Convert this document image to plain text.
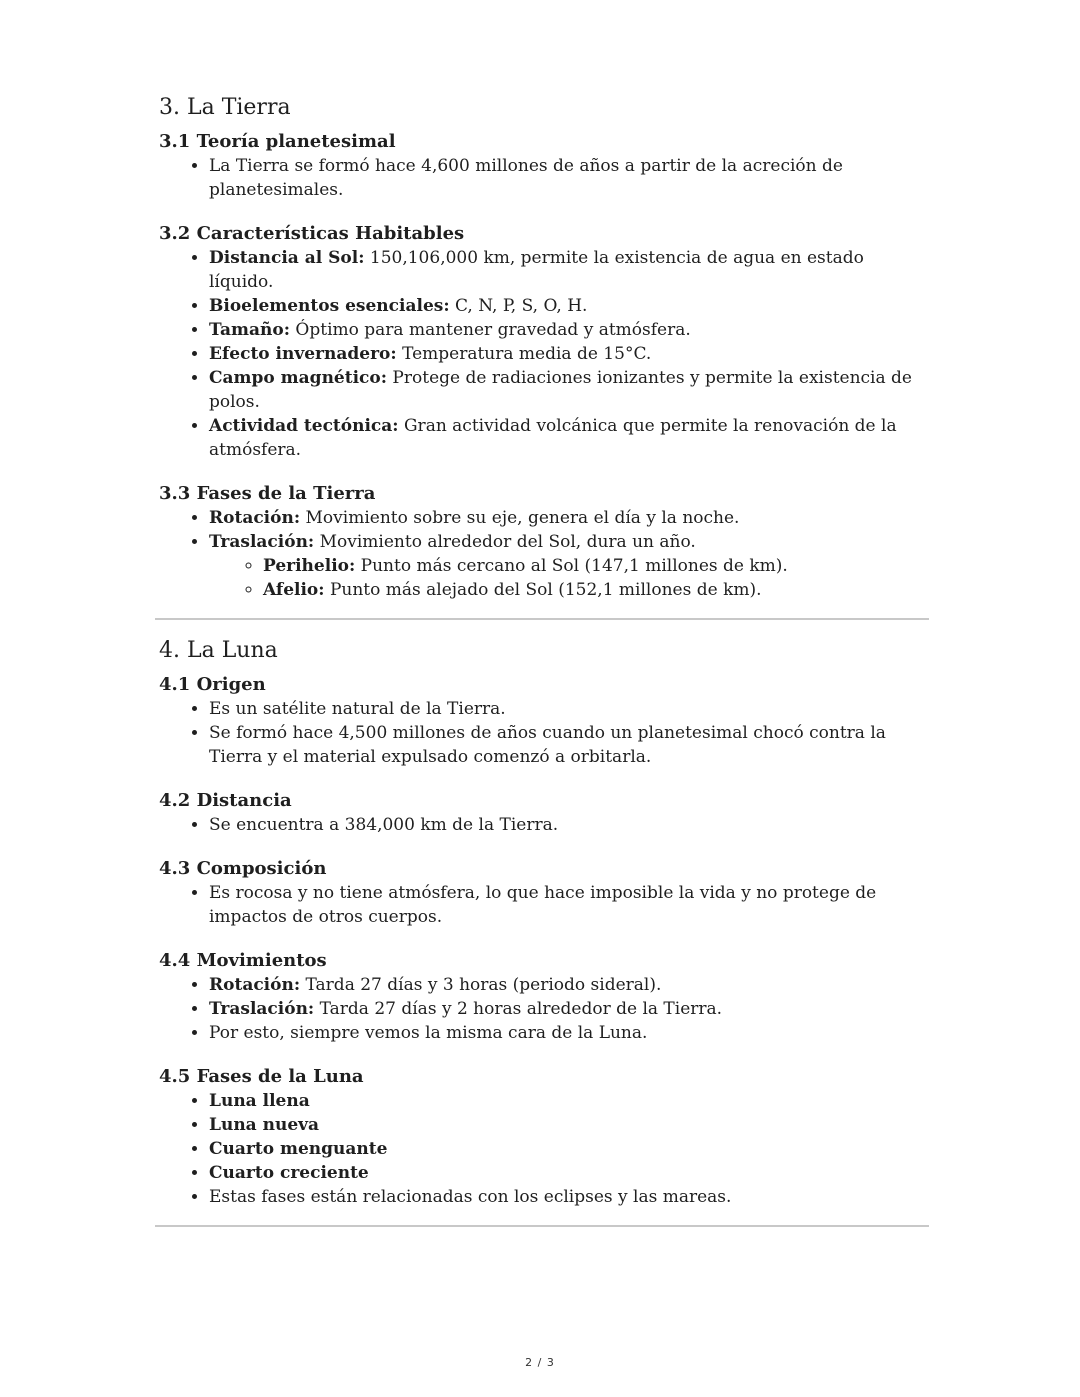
3. La Tierra
3.1 Teoría planetesimal
• La Tierra se formó hace 4,600 millones de años a partir de la acreción de planetesimales.
3.2 Características Habitables
• Distancia al Sol: 150,106,000 km, permite la existencia de agua en estado líquido.
• Bioelementos esenciales: C, N, P, S, O, H.
• Tamaño: Óptimo para mantener gravedad y atmósfera.
• Efecto invernadero: Temperatura media de 15°C.
• Campo magnético: Protege de radiaciones ionizantes y permite la existencia de polos.
• Actividad tectónica: Gran actividad volcánica que permite la renovación de la atmósfera.
3.3 Fases de la Tierra
• Rotación: Movimiento sobre su eje, genera el día y la noche.
• Traslación: Movimiento alrededor del Sol, dura un año.
◦ Perihelio: Punto más cercano al Sol (147,1 millones de km).
◦ Afelio: Punto más alejado del Sol (152,1 millones de km).
4. La Luna
4.1 Origen
• Es un satélite natural de la Tierra.
• Se formó hace 4,500 millones de años cuando un planetesimal chocó contra la Tierra y el material expulsado comenzó a orbitarla.
4.2 Distancia
• Se encuentra a 384,000 km de la Tierra.
4.3 Composición
• Es rocosa y no tiene atmósfera, lo que hace imposible la vida y no protege de impactos de otros cuerpos.
4.4 Movimientos
• Rotación: Tarda 27 días y 3 horas (periodo sideral).
• Traslación: Tarda 27 días y 2 horas alrededor de la Tierra.
• Por esto, siempre vemos la misma cara de la Luna.
4.5 Fases de la Luna
• Luna llena
• Luna nueva
• Cuarto menguante
• Cuarto creciente
• Estas fases están relacionadas con los eclipses y las mareas.
2 / 3
